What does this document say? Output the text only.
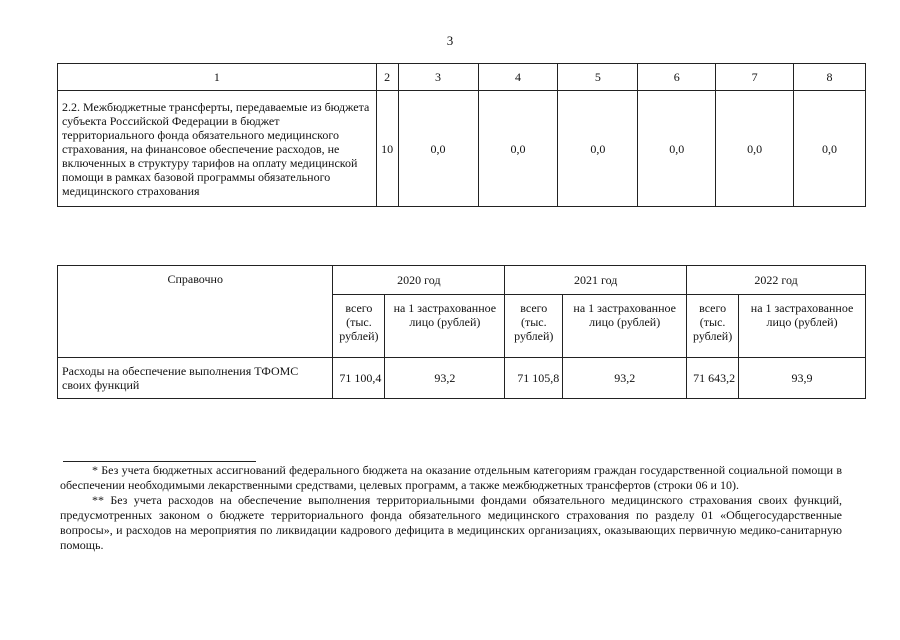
3
1	2	3	4	5	6	7	8
2.2. Межбюджетные трансферты, передаваемые из бюджета субъекта Российской Федерации в бюджет территориального фонда обязательного медицинского страхования, на финансовое обеспечение расходов, не включенных в структуру тарифов на оплату медицинской помощи в рамках базовой программы обязательного медицинского страхования	10	0,0	0,0	0,0	0,0	0,0	0,0
Справочно	2020 год		2021 год		2022 год	
	всего (тыс. рублей)	на 1 застрахованное лицо (рублей)	всего (тыс. рублей)	на 1 застрахованное лицо (рублей)	всего (тыс. рублей)	на 1 застрахованное лицо (рублей)
Расходы на обеспечение выполнения ТФОМС своих функций	71 100,4	93,2	71 105,8	93,2	71 643,2	93,9

* Без учета бюджетных ассигнований федерального бюджета на оказание отдельным категориям граждан государственной социальной помощи в обеспечении необходимыми лекарственными средствами, целевых программ, а также межбюджетных трансфертов (строки 06 и 10).

** Без учета расходов на обеспечение выполнения территориальными фондами обязательного медицинского страхования своих функций, предусмотренных законом о бюджете территориального фонда обязательного медицинского страхования по разделу 01 «Общегосударственные вопросы», и расходов на мероприятия по ликвидации кадрового дефицита в медицинских организациях, оказывающих первичную медико-санитарную помощь.
